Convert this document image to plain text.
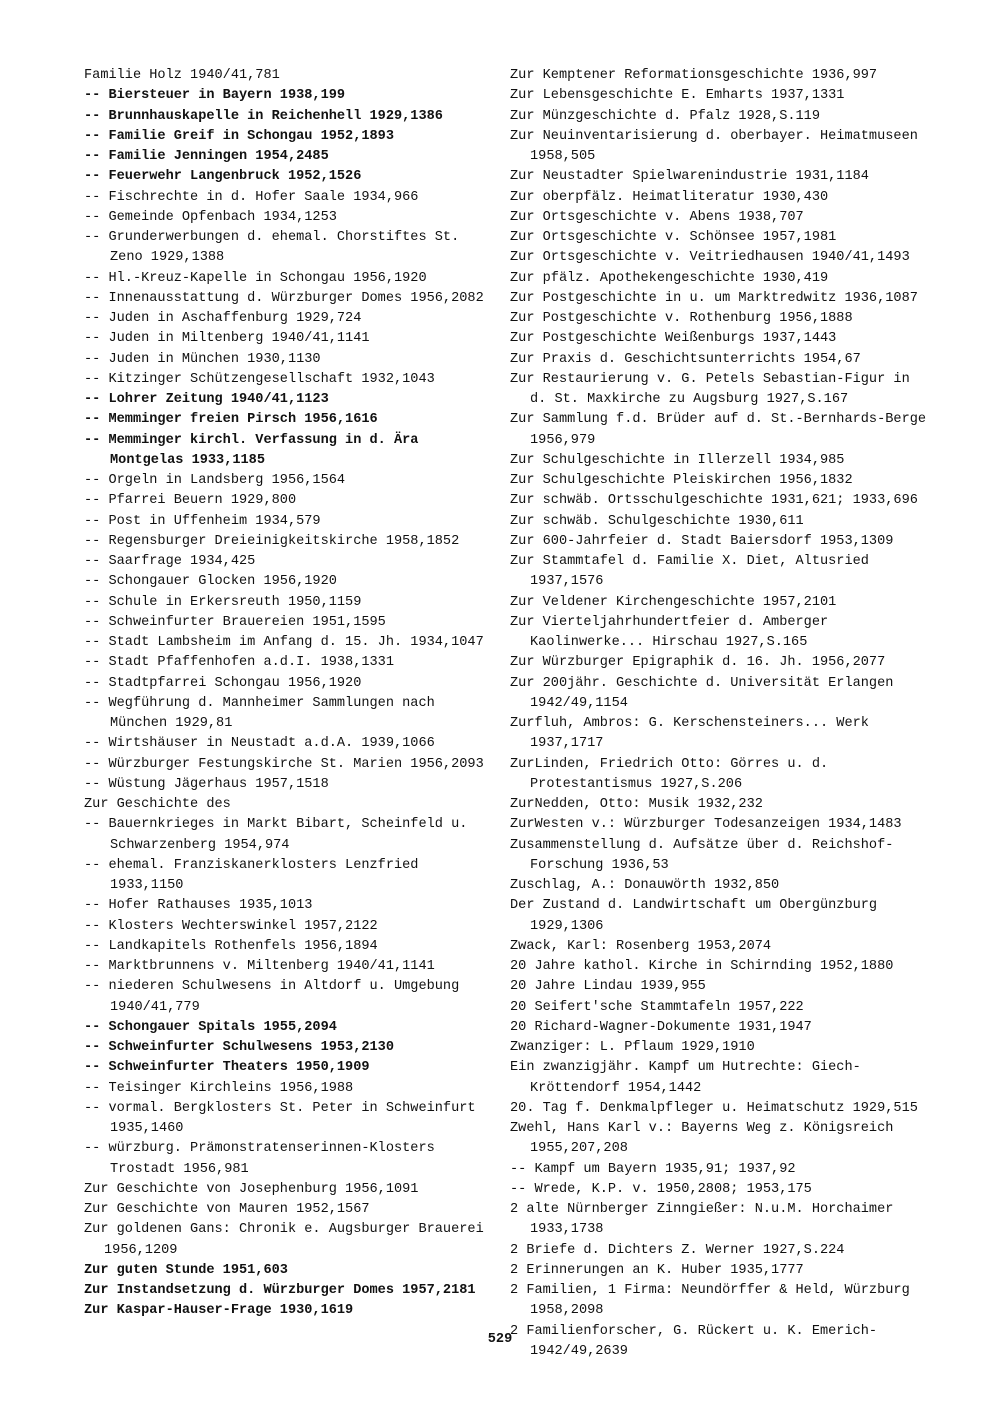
Familie Holz 1940/41,781

-- Biersteuer in Bayern 1938,199

-- Brunnhauskapelle in Reichenhell 1929,1386

-- Familie Greif in Schongau 1952,1893

-- Familie Jenningen 1954,2485

-- Feuerwehr Langenbruck 1952,1526

-- Fischrechte in d. Hofer Saale 1934,966

-- Gemeinde Opfenbach 1934,1253

-- Grunderwerbungen d. ehemal. Chorstiftes St. Zeno 1929,1388

-- Hl.-Kreuz-Kapelle in Schongau 1956,1920

-- Innenausstattung d. Würzburger Domes 1956,2082

-- Juden in Aschaffenburg 1929,724

-- Juden in Miltenberg 1940/41,1141

-- Juden in München 1930,1130

-- Kitzinger Schützengesellschaft 1932,1043

-- Lohrer Zeitung 1940/41,1123

-- Memminger freien Pirsch 1956,1616

-- Memminger kirchl. Verfassung in d. Ära Montgelas 1933,1185

-- Orgeln in Landsberg 1956,1564

-- Pfarrei Beuern 1929,800

-- Post in Uffenheim 1934,579

-- Regensburger Dreieinigkeitskirche 1958,1852

-- Saarfrage 1934,425

-- Schongauer Glocken 1956,1920

-- Schule in Erkersreuth 1950,1159

-- Schweinfurter Brauereien 1951,1595

-- Stadt Lambsheim im Anfang d. 15. Jh. 1934,1047

-- Stadt Pfaffenhofen a.d.I. 1938,1331

-- Stadtpfarrei Schongau 1956,1920

-- Wegführung d. Mannheimer Sammlungen nach München 1929,81

-- Wirtshäuser in Neustadt a.d.A. 1939,1066

-- Würzburger Festungskirche St. Marien 1956,2093

-- Wüstung Jägerhaus 1957,1518

Zur Geschichte des

-- Bauernkrieges in Markt Bibart, Scheinfeld u. Schwarzenberg 1954,974

-- ehemal. Franziskanerklosters Lenzfried 1933,1150

-- Hofer Rathauses 1935,1013

-- Klosters Wechterswinkel 1957,2122

-- Landkapitels Rothenfels 1956,1894

-- Marktbrunnens v. Miltenberg 1940/41,1141

-- niederen Schulwesens in Altdorf u. Umgebung 1940/41,779

-- Schongauer Spitals 1955,2094

-- Schweinfurter Schulwesens 1953,2130

-- Schweinfurter Theaters 1950,1909

-- Teisinger Kirchleins 1956,1988

-- vormal. Bergklosters St. Peter in Schweinfurt 1935,1460

-- würzburg. Prämonstratenserinnen-Klosters Trostadt 1956,981

Zur Geschichte von Josephenburg 1956,1091

Zur Geschichte von Mauren 1952,1567

Zur goldenen Gans: Chronik e. Augsburger Brauerei 1956,1209

Zur guten Stunde 1951,603

Zur Instandsetzung d. Würzburger Domes 1957,2181

Zur Kaspar-Hauser-Frage 1930,1619

Zur Kemptener Reformationsgeschichte 1936,997

Zur Lebensgeschichte E. Emharts 1937,1331

Zur Münzgeschichte d. Pfalz 1928,S.119

Zur Neuinventarisierung d. oberbayer. Heimatmuseen 1958,505

Zur Neustadter Spielwarenindustrie 1931,1184

Zur oberpfälz. Heimatliteratur 1930,430

Zur Ortsgeschichte v. Abens 1938,707

Zur Ortsgeschichte v. Schönsee 1957,1981

Zur Ortsgeschichte v. Veitriedhausen 1940/41,1493

Zur pfälz. Apothekengeschichte 1930,419

Zur Postgeschichte in u. um Marktredwitz 1936,1087

Zur Postgeschichte v. Rothenburg 1956,1888

Zur Postgeschichte Weißenburgs 1937,1443

Zur Praxis d. Geschichtsunterrichts 1954,67

Zur Restaurierung v. G. Petels Sebastian-Figur in d. St. Maxkirche zu Augsburg 1927,S.167

Zur Sammlung f.d. Brüder auf d. St.-Bernhards-Berge 1956,979

Zur Schulgeschichte in Illerzell 1934,985

Zur Schulgeschichte Pleiskirchen 1956,1832

Zur schwäb. Ortsschulgeschichte 1931,621; 1933,696

Zur schwäb. Schulgeschichte 1930,611

Zur 600-Jahrfeier d. Stadt Baiersdorf 1953,1309

Zur Stammtafel d. Familie X. Diet, Altusried 1937,1576

Zur Veldener Kirchengeschichte 1957,2101

Zur Vierteljahrhundertfeier d. Amberger Kaolinwerke... Hirschau 1927,S.165

Zur Würzburger Epigraphik d. 16. Jh. 1956,2077

Zur 200jähr. Geschichte d. Universität Erlangen 1942/49,1154

Zurfluh, Ambros: G. Kerschensteiners... Werk 1937,1717

ZurLinden, Friedrich Otto: Görres u. d. Protestantismus 1927,S.206

ZurNedden, Otto: Musik 1932,232

ZurWesten v.: Würzburger Todesanzeigen 1934,1483

Zusammenstellung d. Aufsätze über d. Reichshof-Forschung 1936,53

Zuschlag, A.: Donauwörth 1932,850

Der Zustand d. Landwirtschaft um Obergünzburg 1929,1306

Zwack, Karl: Rosenberg 1953,2074

20 Jahre kathol. Kirche in Schirnding 1952,1880

20 Jahre Lindau 1939,955

20 Seifert'sche Stammtafeln 1957,222

20 Richard-Wagner-Dokumente 1931,1947

Zwanziger: L. Pflaum 1929,1910

Ein zwanzigjähr. Kampf um Hutrechte: Giech-Kröttendorf 1954,1442

20. Tag f. Denkmalpfleger u. Heimatschutz 1929,515

Zwehl, Hans Karl v.: Bayerns Weg z. Königsreich 1955,207,208

-- Kampf um Bayern 1935,91; 1937,92

-- Wrede, K.P. v. 1950,2808; 1953,175

2 alte Nürnberger Zinngießer: N.u.M. Horchaimer 1933,1738

2 Briefe d. Dichters Z. Werner 1927,S.224

2 Erinnerungen an K. Huber 1935,1777

2 Familien, 1 Firma: Neundörffer & Held, Würzburg 1958,2098

2 Familienforscher, G. Rückert u. K. Emerich- 1942/49,2639

529
